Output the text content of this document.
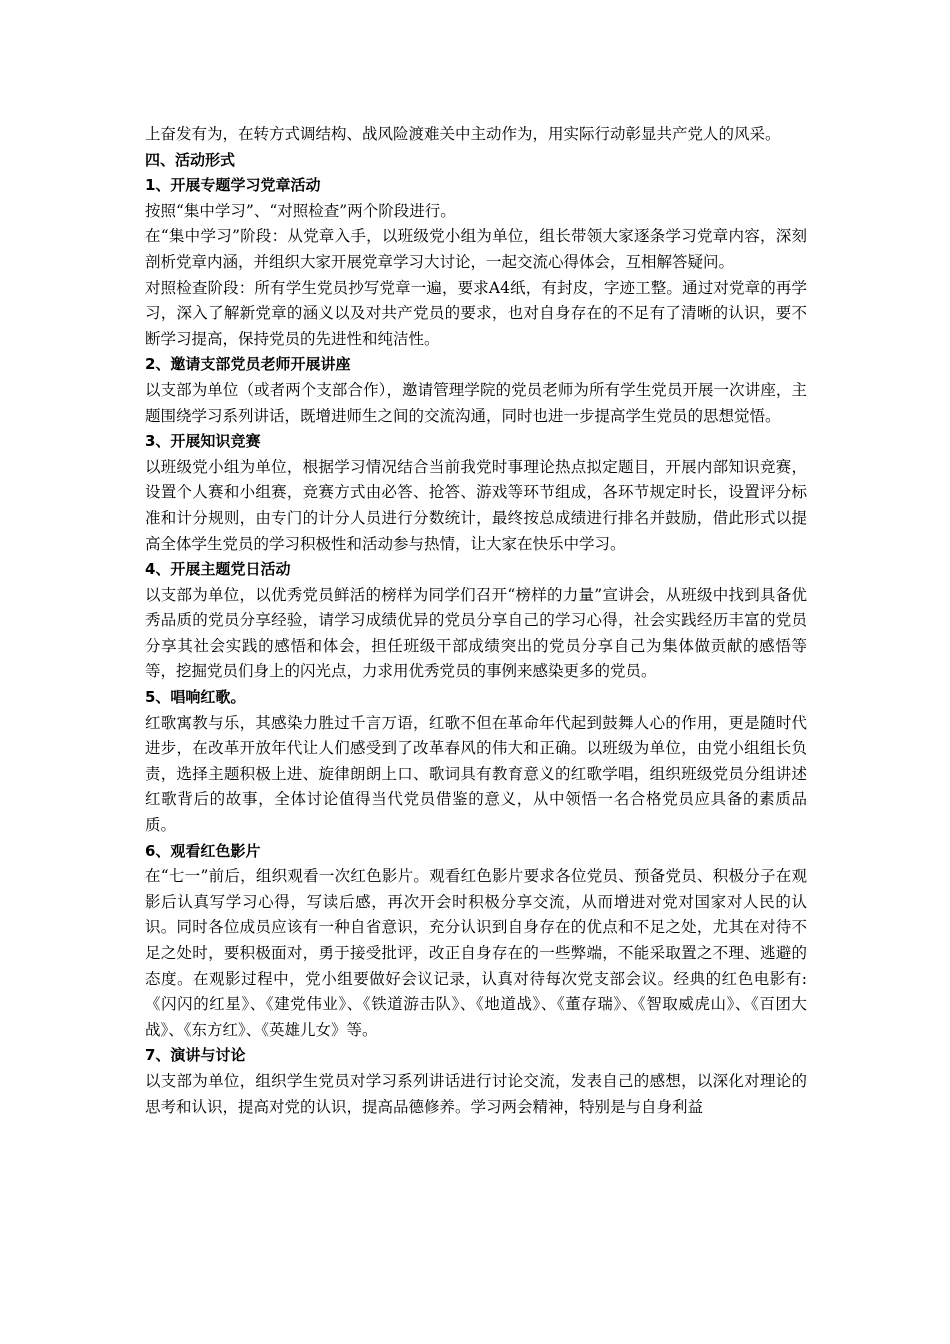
上奋发有为，在转方式调结构、战风险渡难关中主动作为，用实际行动彰显共产党人的风采。

四、活动形式

1、开展专题学习党章活动

按照“集中学习”、“对照检查”两个阶段进行。

在“集中学习”阶段：从党章入手，以班级党小组为单位，组长带领大家逐条学习党章内容，深刻剖析党章内涵，并组织大家开展党章学习大讨论，一起交流心得体会，互相解答疑问。

对照检查阶段：所有学生党员抄写党章一遍，要求A4纸，有封皮，字迹工整。通过对党章的再学习，深入了解新党章的涵义以及对共产党员的要求，也对自身存在的不足有了清晰的认识，要不断学习提高，保持党员的先进性和纯洁性。

2、邀请支部党员老师开展讲座

以支部为单位（或者两个支部合作），邀请管理学院的党员老师为所有学生党员开展一次讲座，主题围绕学习系列讲话，既增进师生之间的交流沟通，同时也进一步提高学生党员的思想觉悟。

3、开展知识竞赛

以班级党小组为单位，根据学习情况结合当前我党时事理论热点拟定题目，开展内部知识竞赛，设置个人赛和小组赛，竞赛方式由必答、抢答、游戏等环节组成，各环节规定时长，设置评分标准和计分规则，由专门的计分人员进行分数统计，最终按总成绩进行排名并鼓励，借此形式以提高全体学生党员的学习积极性和活动参与热情，让大家在快乐中学习。

4、开展主题党日活动

以支部为单位，以优秀党员鲜活的榜样为同学们召开“榜样的力量”宣讲会，从班级中找到具备优秀品质的党员分享经验，请学习成绩优异的党员分享自己的学习心得，社会实践经历丰富的党员分享其社会实践的感悟和体会，担任班级干部成绩突出的党员分享自己为集体做贡献的感悟等等，挖掘党员们身上的闪光点，力求用优秀党员的事例来感染更多的党员。

5、唱响红歌。

红歌寓教与乐，其感染力胜过千言万语，红歌不但在革命年代起到鼓舞人心的作用，更是随时代进步，在改革开放年代让人们感受到了改革春风的伟大和正确。以班级为单位，由党小组组长负责，选择主题积极上进、旋律朗朗上口、歌词具有教育意义的红歌学唱，组织班级党员分组讲述红歌背后的故事，全体讨论值得当代党员借鉴的意义，从中领悟一名合格党员应具备的素质品质。

6、观看红色影片

在“七一”前后，组织观看一次红色影片。观看红色影片要求各位党员、预备党员、积极分子在观影后认真写学习心得，写读后感，再次开会时积极分享交流，从而增进对党对国家对人民的认识。同时各位成员应该有一种自省意识，充分认识到自身存在的优点和不足之处，尤其在对待不足之处时，要积极面对，勇于接受批评，改正自身存在的一些弊端，不能采取置之不理、逃避的态度。在观影过程中，党小组要做好会议记录，认真对待每次党支部会议。经典的红色电影有:《闪闪的红星》、《建党伟业》、《铁道游击队》、《地道战》、《董存瑞》、《智取威虎山》、《百团大战》、《东方红》、《英雄儿女》等。

7、演讲与讨论

以支部为单位，组织学生党员对学习系列讲话进行讨论交流，发表自己的感想，以深化对理论的思考和认识，提高对党的认识，提高品德修养。学习两会精神，特别是与自身利益
